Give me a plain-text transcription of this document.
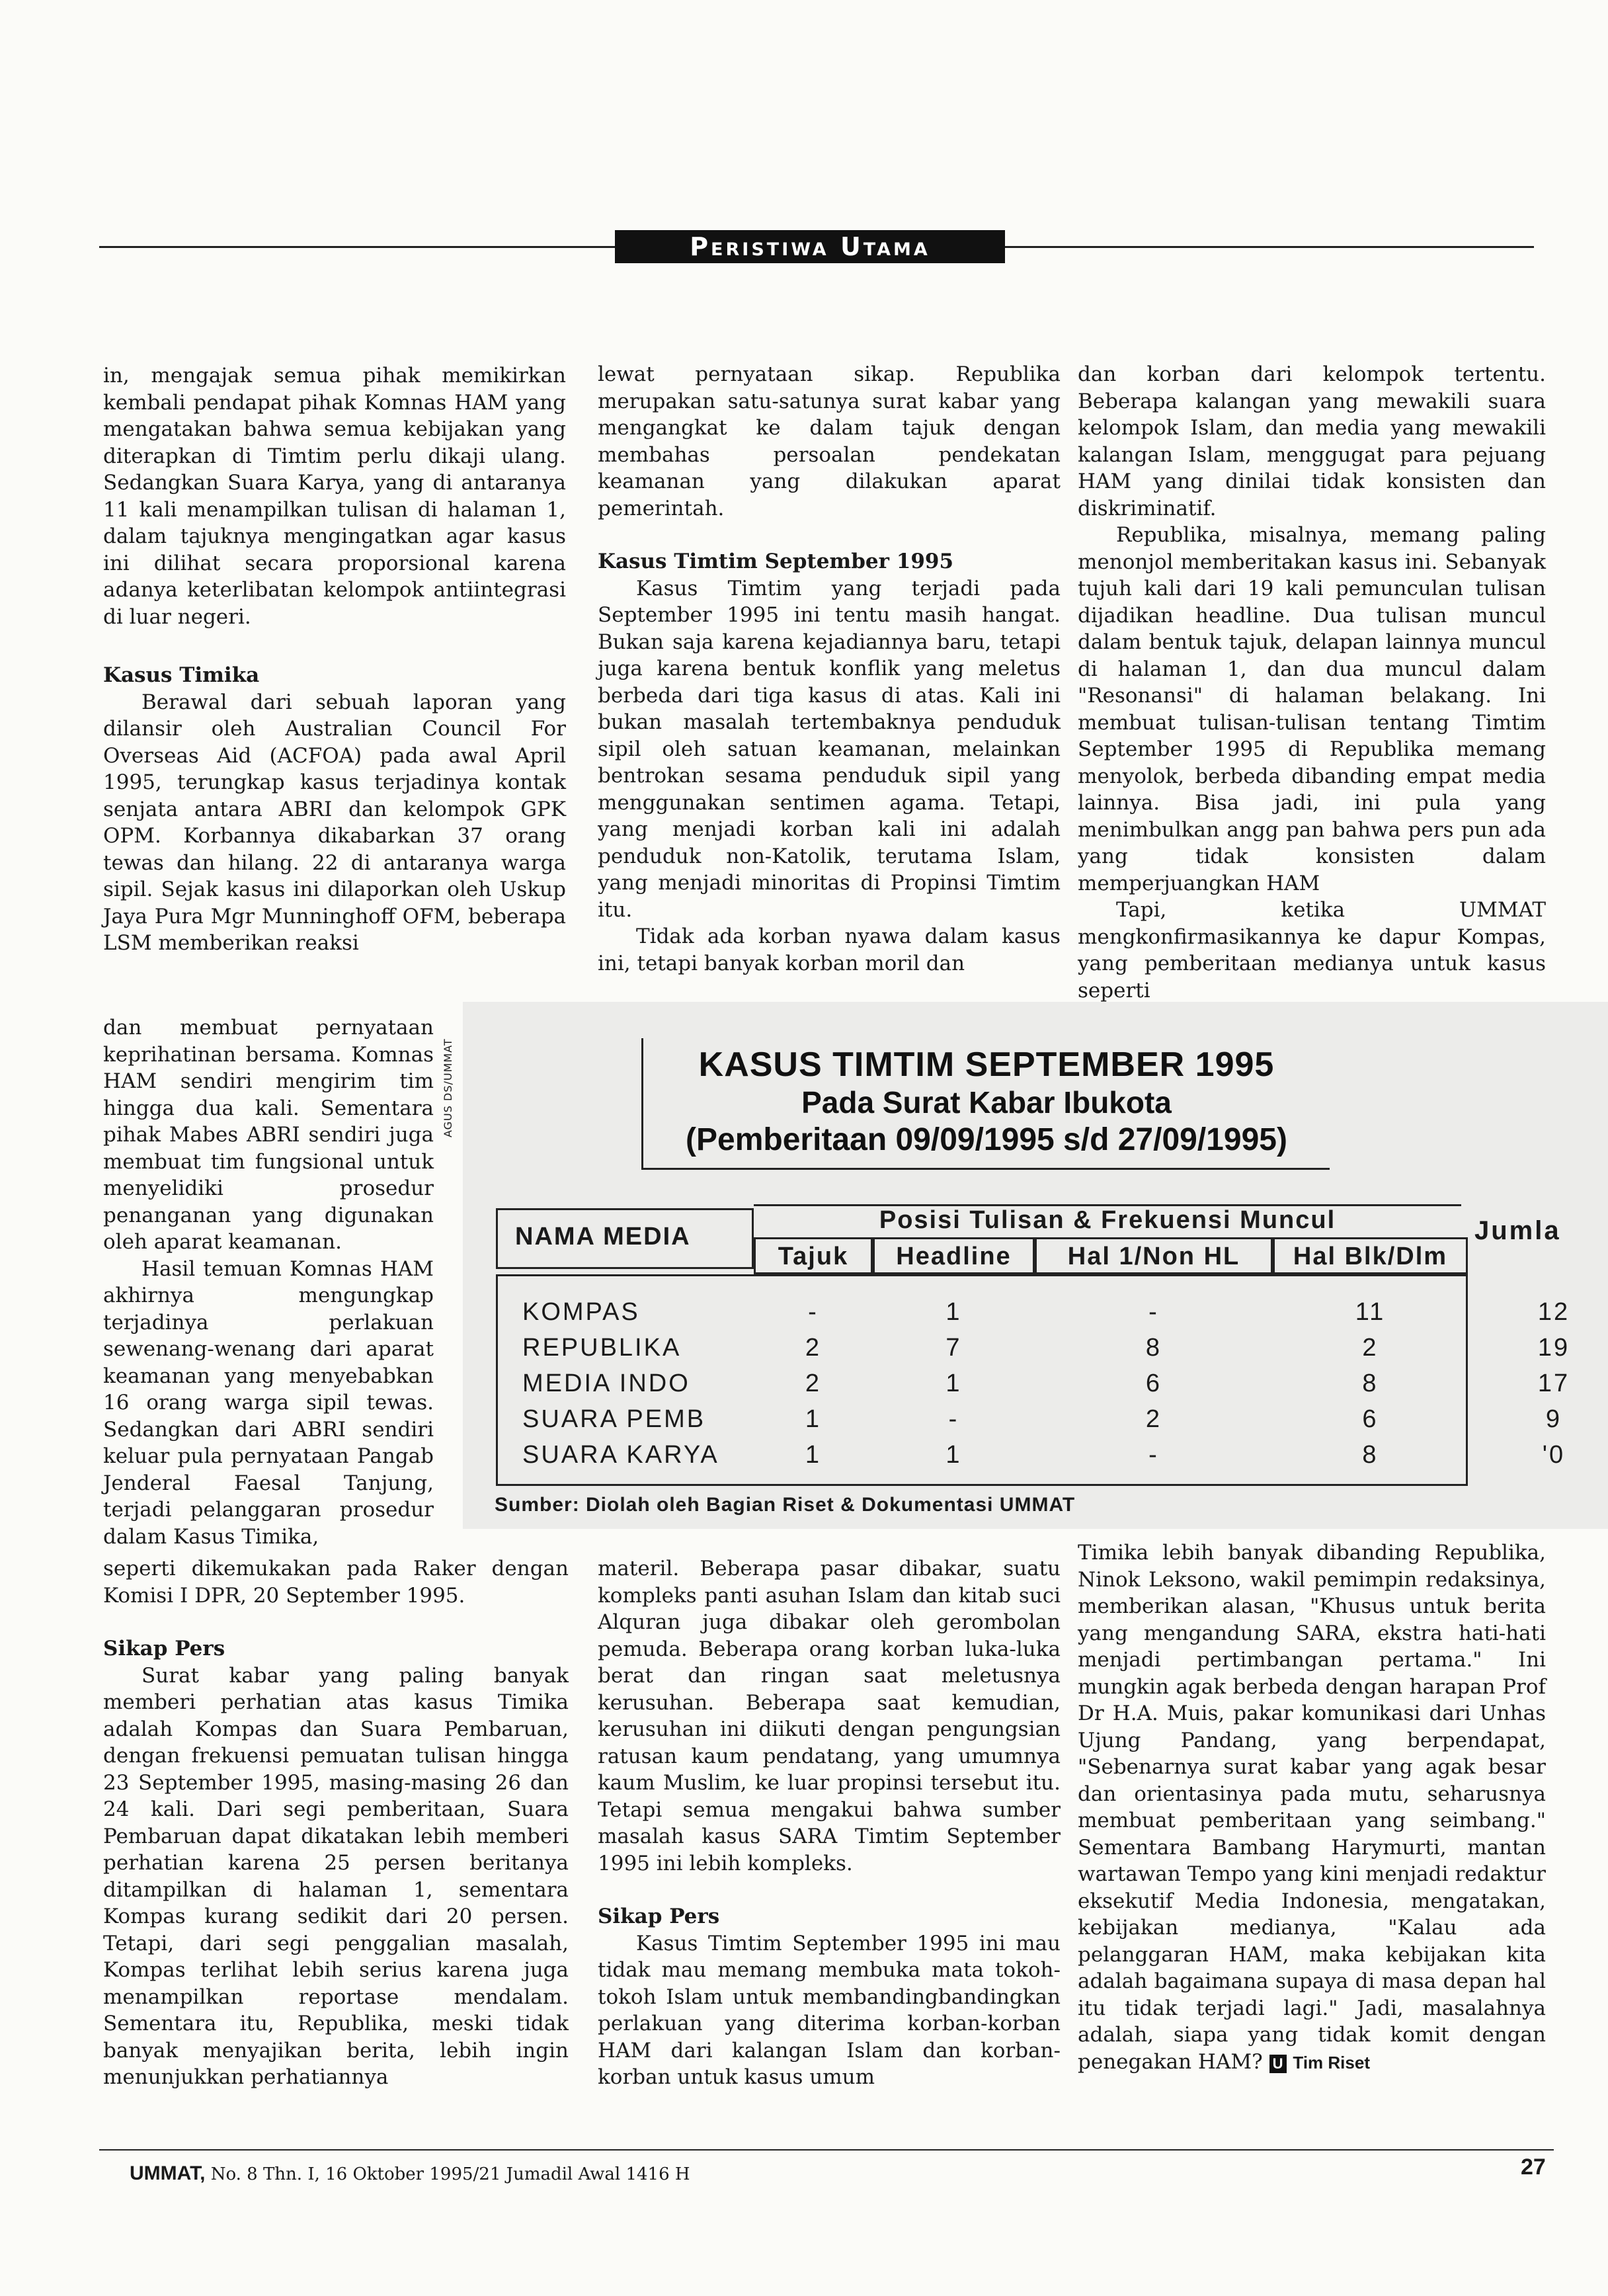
Peristiwa Utama

in, mengajak semua pihak memikirkan kembali pendapat pihak Komnas HAM yang mengatakan bahwa semua kebijakan yang diterapkan di Timtim perlu dikaji ulang. Sedangkan Suara Karya, yang di antaranya 11 kali menampilkan tulisan di halaman 1, dalam tajuknya mengingatkan agar kasus ini dilihat secara proporsional karena adanya keterlibatan kelompok antiintegrasi di luar negeri.

Kasus Timika

Berawal dari sebuah laporan yang dilansir oleh Australian Council For Overseas Aid (ACFOA) pada awal April 1995, terungkap kasus terjadinya kontak senjata antara ABRI dan kelompok GPK OPM. Korbannya dikabarkan 37 orang tewas dan hilang. 22 di antaranya warga sipil. Sejak kasus ini dilaporkan oleh Uskup Jaya Pura Mgr Munninghoff OFM, beberapa LSM memberikan reaksi

dan membuat pernyataan keprihatinan bersama. Komnas HAM sendiri mengirim tim hingga dua kali. Sementara pihak Mabes ABRI sendiri juga membuat tim fungsional untuk menyelidiki prosedur penanganan yang digunakan oleh aparat keamanan.

Hasil temuan Komnas HAM akhirnya mengungkap terjadinya perlakuan sewenang-wenang dari aparat keamanan yang menyebabkan 16 orang warga sipil tewas. Sedangkan dari ABRI sendiri keluar pula pernyataan Pangab Jenderal Faesal Tanjung, terjadi pelanggaran prosedur dalam Kasus Timika,

AGUS DS/UMMAT

seperti dikemukakan pada Raker dengan Komisi I DPR, 20 September 1995.

Sikap Pers

Surat kabar yang paling banyak memberi perhatian atas kasus Timika adalah Kompas dan Suara Pembaruan, dengan frekuensi pemuatan tulisan hingga 23 September 1995, masing-masing 26 dan 24 kali. Dari segi pemberitaan, Suara Pembaruan dapat dikatakan lebih memberi perhatian karena 25 persen beritanya ditampilkan di halaman 1, sementara Kompas kurang sedikit dari 20 persen. Tetapi, dari segi penggalian masalah, Kompas terlihat lebih serius karena juga menampilkan reportase mendalam. Sementara itu, Republika, meski tidak banyak menyajikan berita, lebih ingin menunjukkan perhatiannya

lewat pernyataan sikap. Republika merupakan satu-satunya surat kabar yang mengangkat ke dalam tajuk dengan membahas persoalan pendekatan keamanan yang dilakukan aparat pemerintah.

Kasus Timtim September 1995

Kasus Timtim yang terjadi pada September 1995 ini tentu masih hangat. Bukan saja karena kejadiannya baru, tetapi juga karena bentuk konflik yang meletus berbeda dari tiga kasus di atas. Kali ini bukan masalah tertembaknya penduduk sipil oleh satuan keamanan, melainkan bentrokan sesama penduduk sipil yang menggunakan sentimen agama. Tetapi, yang menjadi korban kali ini adalah penduduk non-Katolik, terutama Islam, yang menjadi minoritas di Propinsi Timtim itu.

Tidak ada korban nyawa dalam kasus ini, tetapi banyak korban moril dan

materil. Beberapa pasar dibakar, suatu kompleks panti asuhan Islam dan kitab suci Alquran juga dibakar oleh gerombolan pemuda. Beberapa orang korban luka-luka berat dan ringan saat meletusnya kerusuhan. Beberapa saat kemudian, kerusuhan ini diikuti dengan pengungsian ratusan kaum pendatang, yang umumnya kaum Muslim, ke luar propinsi tersebut itu. Tetapi semua mengakui bahwa sumber masalah kasus SARA Timtim September 1995 ini lebih kompleks.

Sikap Pers

Kasus Timtim September 1995 ini mau tidak mau memang membuka mata tokoh-tokoh Islam untuk membandingbandingkan perlakuan yang diterima korban-korban HAM dari kalangan Islam dan korban-korban untuk kasus umum

dan korban dari kelompok tertentu. Beberapa kalangan yang mewakili suara kelompok Islam, dan media yang mewakili kalangan Islam, menggugat para pejuang HAM yang dinilai tidak konsisten dan diskriminatif.

Republika, misalnya, memang paling menonjol memberitakan kasus ini. Sebanyak tujuh kali dari 19 kali pemunculan tulisan dijadikan headline. Dua tulisan muncul dalam bentuk tajuk, delapan lainnya muncul di halaman 1, dan dua muncul dalam "Resonansi" di halaman belakang. Ini membuat tulisan-tulisan tentang Timtim September 1995 di Republika memang menyolok, berbeda dibanding empat media lainnya. Bisa jadi, ini pula yang menimbulkan angg pan bahwa pers pun ada yang tidak konsisten dalam memperjuangkan HAM

Tapi, ketika UMMAT mengkonfirmasikannya ke dapur Kompas, yang pemberitaan medianya untuk kasus seperti

Timika lebih banyak dibanding Republika, Ninok Leksono, wakil pemimpin redaksinya, memberikan alasan, "Khusus untuk berita yang mengandung SARA, ekstra hati-hati menjadi pertimbangan pertama." Ini mungkin agak berbeda dengan harapan Prof Dr H.A. Muis, pakar komunikasi dari Unhas Ujung Pandang, yang berpendapat, "Sebenarnya surat kabar yang agak besar dan orientasinya pada mutu, seharusnya membuat pemberitaan yang seimbang." Sementara Bambang Harymurti, mantan wartawan Tempo yang kini menjadi redaktur eksekutif Media Indonesia, mengatakan, kebijakan medianya, "Kalau ada pelanggaran HAM, maka kebijakan kita adalah bagaimana supaya di masa depan hal itu tidak terjadi lagi." Jadi, masalahnya adalah, siapa yang tidak komit dengan penegakan HAM? U Tim Riset

KASUS TIMTIM SEPTEMBER 1995
Pada Surat Kabar Ibukota
(Pemberitaan 09/09/1995 s/d 27/09/1995)
NAMA MEDIA
Posisi Tulisan & Frekuensi Muncul
Tajuk	Headline	Hal 1/Non HL	Hal Blk/Dlm
Jumla
KOMPAS	-	1	-	11	12
REPUBLIKA	2	7	8	2	19
MEDIA INDO	2	1	6	8	17
SUARA PEMB	1	-	2	6	9
SUARA KARYA	1	1	-	8	'0
Sumber: Diolah oleh Bagian Riset & Dokumentasi UMMAT
UMMAT, No. 8 Thn. I, 16 Oktober 1995/21 Jumadil Awal 1416 H	27
